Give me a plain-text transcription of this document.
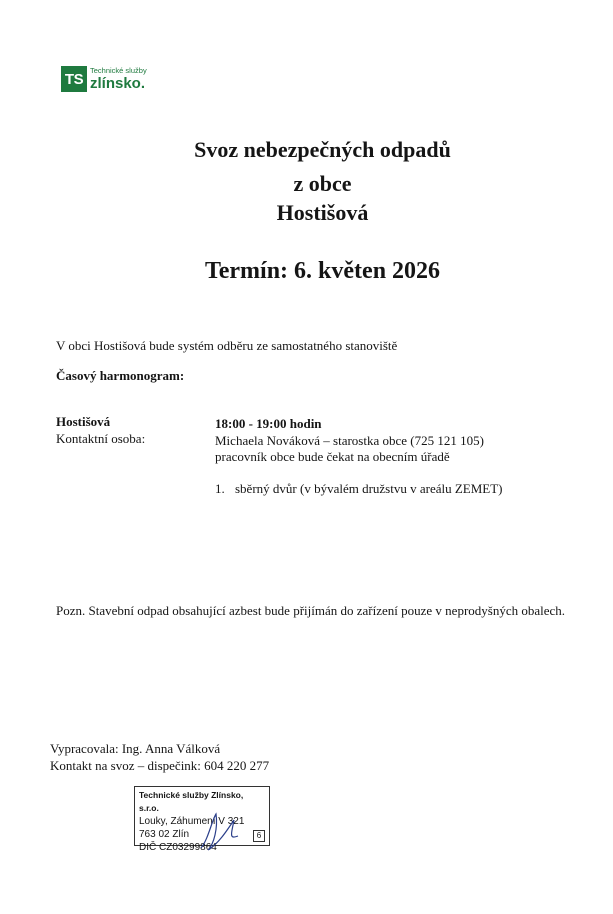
TS
Technické služby
zlínsko.
Svoz nebezpečných odpadů
z obce
Hostišová
Termín: 6. květen 2026
V obci Hostišová bude systém odběru ze samostatného stanoviště
Časový harmonogram:
Hostišová
Kontaktní osoba:
18:00 - 19:00 hodin
Michaela Nováková – starostka obce (725 121 105)
pracovník obce bude čekat na obecním úřadě
1. sběrný dvůr (v bývalém družstvu v areálu ZEMET)
Pozn. Stavební odpad obsahující azbest bude přijímán do zařízení pouze v neprodyšných obalech.
Vypracovala: Ing. Anna Válková
Kontakt na svoz – dispečink: 604 220 277
Technické služby Zlínsko, s.r.o.
Louky, Záhumení V 321
763 02 Zlín
DIČ CZ03299864
6
